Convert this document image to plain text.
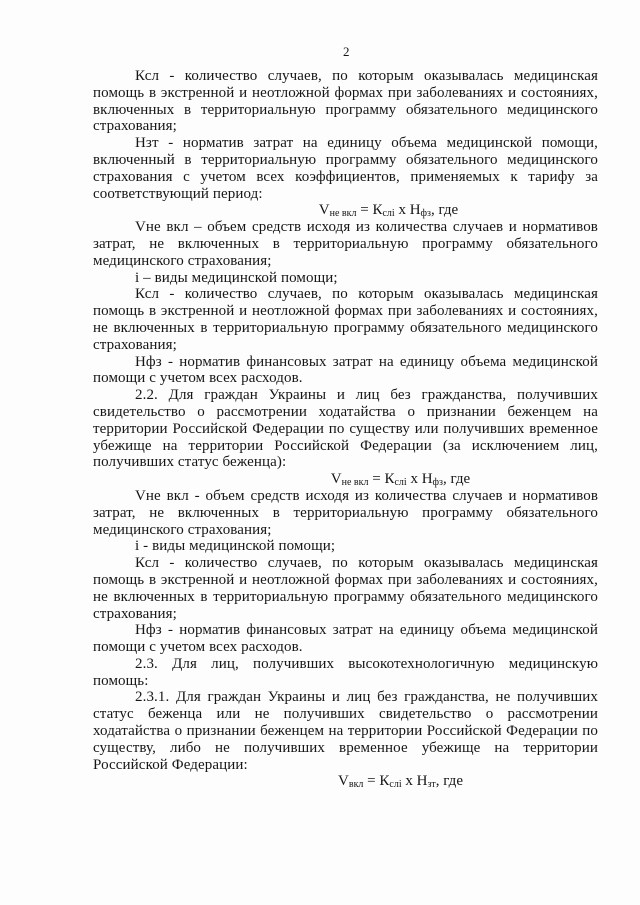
2

Ксл - количество случаев, по которым оказывалась медицинская помощь в экстренной и неотложной формах при заболеваниях и состояниях, включенных в территориальную программу обязательного медицинского страхования;

Нзт - норматив затрат на единицу объема медицинской помощи, включенный в территориальную программу обязательного медицинского страхования с учетом всех коэффициентов, применяемых к тарифу за соответствующий период:

$V_{не вкл} = К_{слi}$ х $Н_{фз}$, где

Vне вкл – объем средств исходя из количества случаев и нормативов затрат, не включенных в территориальную программу обязательного медицинского страхования;

i – виды медицинской помощи;

Ксл - количество случаев, по которым оказывалась медицинская помощь в экстренной и неотложной формах при заболеваниях и состояниях, не включенных в территориальную программу обязательного медицинского страхования;

Нфз - норматив финансовых затрат на единицу объема медицинской помощи с учетом всех расходов.

2.2. Для граждан Украины и лиц без гражданства, получивших свидетельство о рассмотрении ходатайства о признании беженцем на территории Российской Федерации по существу или получивших временное убежище на территории Российской Федерации (за исключением лиц, получивших статус беженца):

$V_{не вкл} = К_{слi}$ х $Н_{фз}$, где

Vне вкл - объем средств исходя из количества случаев и нормативов затрат, не включенных в территориальную программу обязательного медицинского страхования;

i - виды медицинской помощи;

Ксл - количество случаев, по которым оказывалась медицинская помощь в экстренной и неотложной формах при заболеваниях и состояниях, не включенных в территориальную программу обязательного медицинского страхования;

Нфз - норматив финансовых затрат на единицу объема медицинской помощи с учетом всех расходов.

2.3. Для лиц, получивших высокотехнологичную медицинскую помощь:

2.3.1. Для граждан Украины и лиц без гражданства, не получивших статус беженца или не получивших свидетельство о рассмотрении ходатайства о признании беженцем на территории Российской Федерации по существу, либо не получивших временное убежище на территории Российской Федерации:

$V_{вкл} = К_{слi}$ х $Н_{зт}$, где
